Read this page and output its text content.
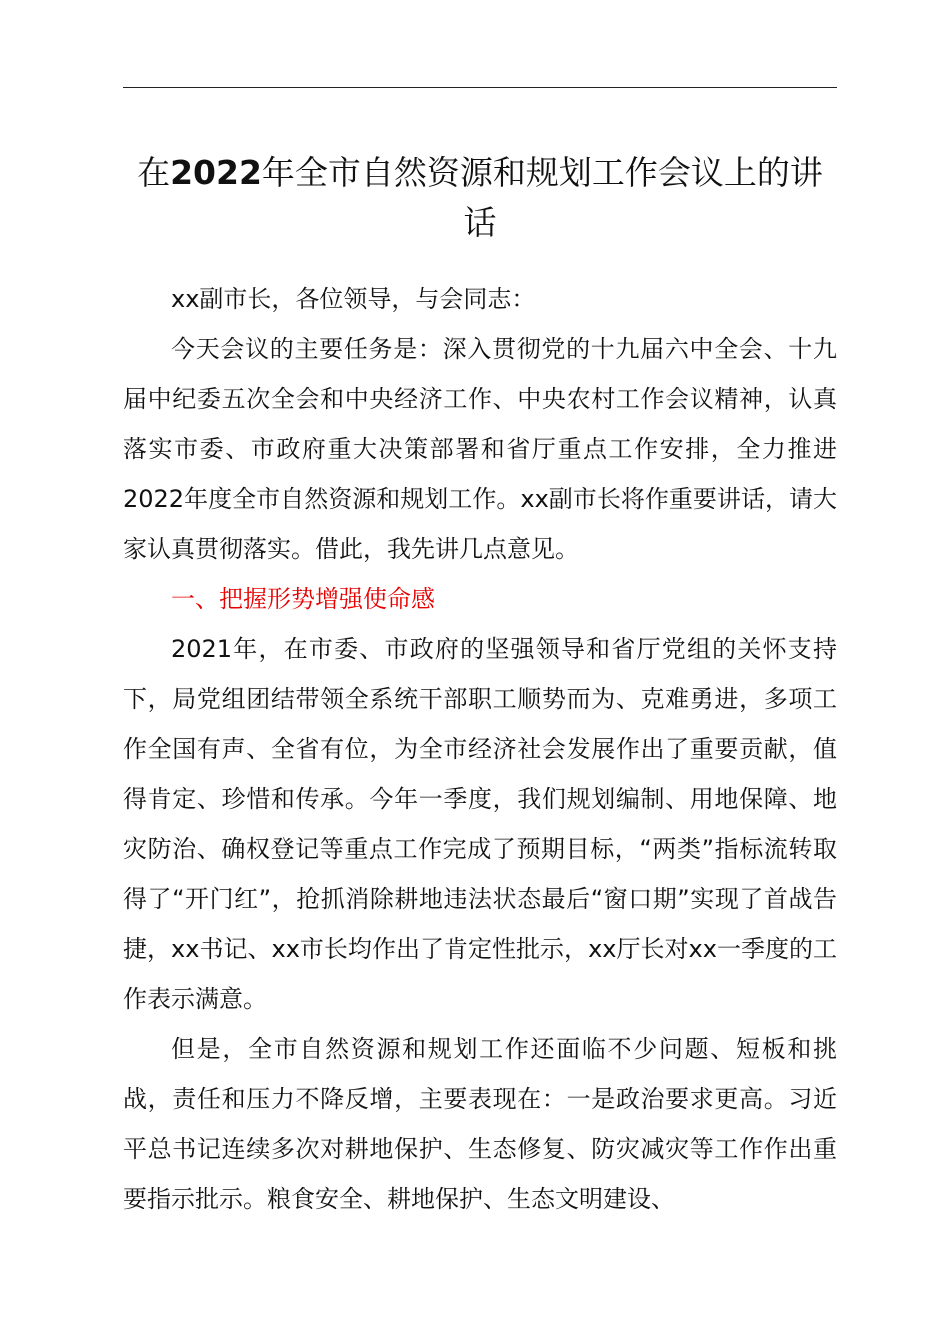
在2022年全市自然资源和规划工作会议上的讲话

xx副市长，各位领导，与会同志：

今天会议的主要任务是：深入贯彻党的十九届六中全会、十九届中纪委五次全会和中央经济工作、中央农村工作会议精神，认真落实市委、市政府重大决策部署和省厅重点工作安排，全力推进2022年度全市自然资源和规划工作。xx副市长将作重要讲话，请大家认真贯彻落实。借此，我先讲几点意见。

一、把握形势增强使命感

2021年，在市委、市政府的坚强领导和省厅党组的关怀支持下，局党组团结带领全系统干部职工顺势而为、克难勇进，多项工作全国有声、全省有位，为全市经济社会发展作出了重要贡献，值得肯定、珍惜和传承。今年一季度，我们规划编制、用地保障、地灾防治、确权登记等重点工作完成了预期目标，“两类”指标流转取得了“开门红”，抢抓消除耕地违法状态最后“窗口期”实现了首战告捷，xx书记、xx市长均作出了肯定性批示，xx厅长对xx一季度的工作表示满意。

但是，全市自然资源和规划工作还面临不少问题、短板和挑战，责任和压力不降反增，主要表现在：一是政治要求更高。习近平总书记连续多次对耕地保护、生态修复、防灾减灾等工作作出重要指示批示。粮食安全、耕地保护、生态文明建设、
